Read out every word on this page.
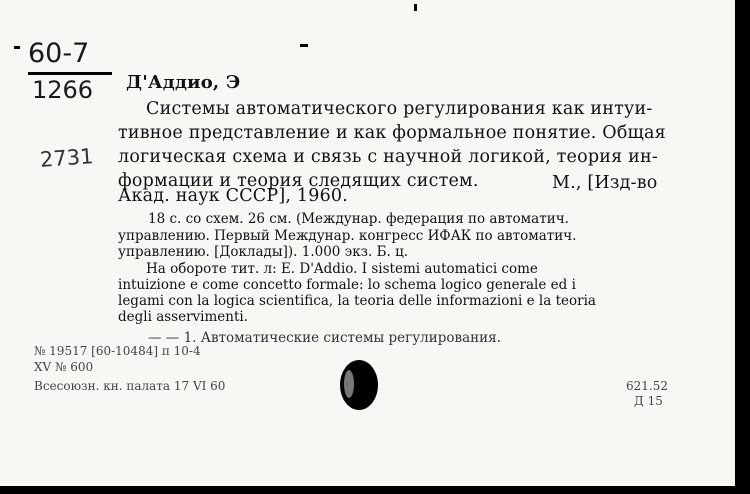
60-7
1266
2731
Д'Аддио, Э
Системы автоматического регулирования как интуи-
тивное представление и как формальное понятие. Общая
логическая схема и связь с научной логикой, теория ин-
формации и теория следящих систем.	М., [Изд-во
Акад. наук СССР], 1960.
18 с. со схем. 26 см. (Междунар. федерация по автоматич.
управлению. Первый Междунар. конгресс ИФАК по автоматич.
управлению. [Доклады]). 1.000 экз. Б. ц.
На обороте тит. л: E. D'Addio. I sistemi automatici come
intuizione e come concetto formale: lo schema logico generale ed i
legami con la logica scientifica, la teoria delle informazioni e la teoria
degli asservimenti.
— — 1. Автоматические системы регулирования.
№ 19517 [60-10484] п 10-4
XV № 600
Всесоюзн. кн. палата 17 VI 60	621.52
Д 15
